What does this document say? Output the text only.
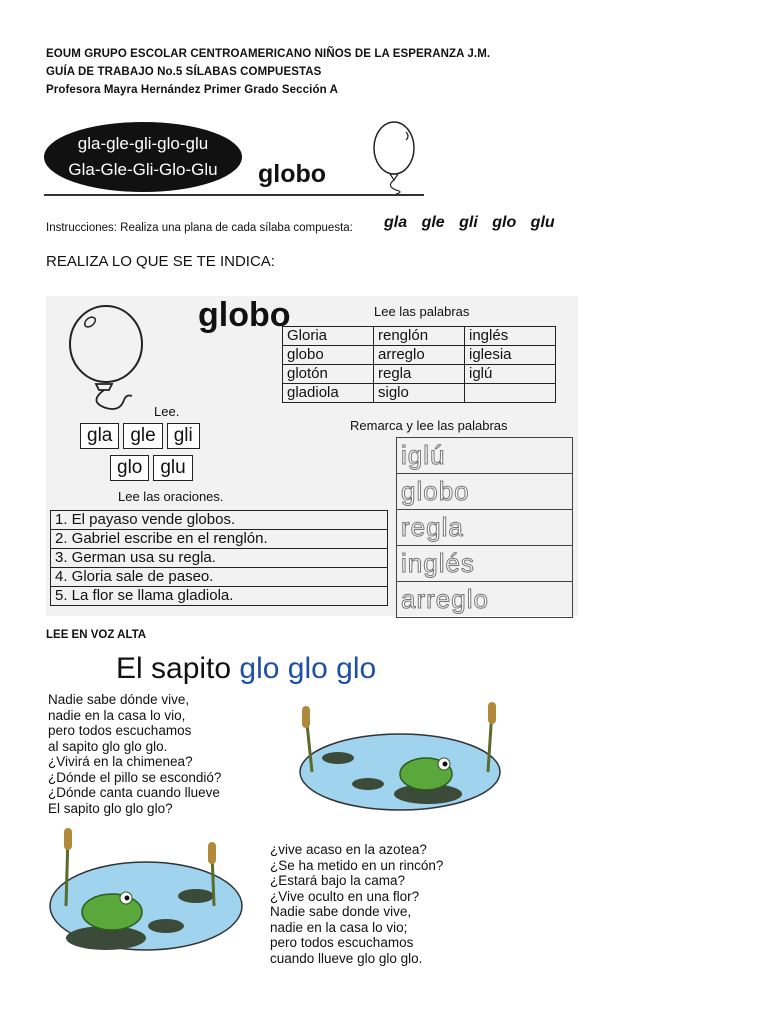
EOUM GRUPO ESCOLAR CENTROAMERICANO NIÑOS DE LA ESPERANZA J.M.
GUÍA DE TRABAJO No.5 SÍLABAS COMPUESTAS
Profesora Mayra Hernández Primer Grado Sección A
gla-gle-gli-glo-glu
Gla-Gle-Gli-Glo-Glu	globo
Instrucciones: Realiza una plana de cada sílaba compuesta: gla gle gli glo glu
REALIZA LO QUE SE TE INDICA:
globo	Lee las palabras
Gloria	renglón	inglés
globo	arreglo	iglesia
glotón	regla	iglú
gladiola	siglo	
Lee.
gla gle gli
glo glu
Lee las oraciones.
1. El payaso vende globos.
2. Gabriel escribe en el renglón.
3. German usa su regla.
4. Gloria sale de paseo.
5. La flor se llama gladiola.
Remarca y lee las palabras
iglú
globo
regla
inglés
arreglo
LEE EN VOZ ALTA
El sapito glo glo glo
Nadie sabe dónde vive,
nadie en la casa lo vio,
pero todos escuchamos
al sapito glo glo glo.
¿Vivirá en la chimenea?
¿Dónde el pillo se escondió?
¿Dónde canta cuando llueve
El sapito glo glo glo?
¿vive acaso en la azotea?
¿Se ha metido en un rincón?
¿Estará bajo la cama?
¿Vive oculto en una flor?
Nadie sabe donde vive,
nadie en la casa lo vio;
pero todos escuchamos
cuando llueve glo glo glo.
